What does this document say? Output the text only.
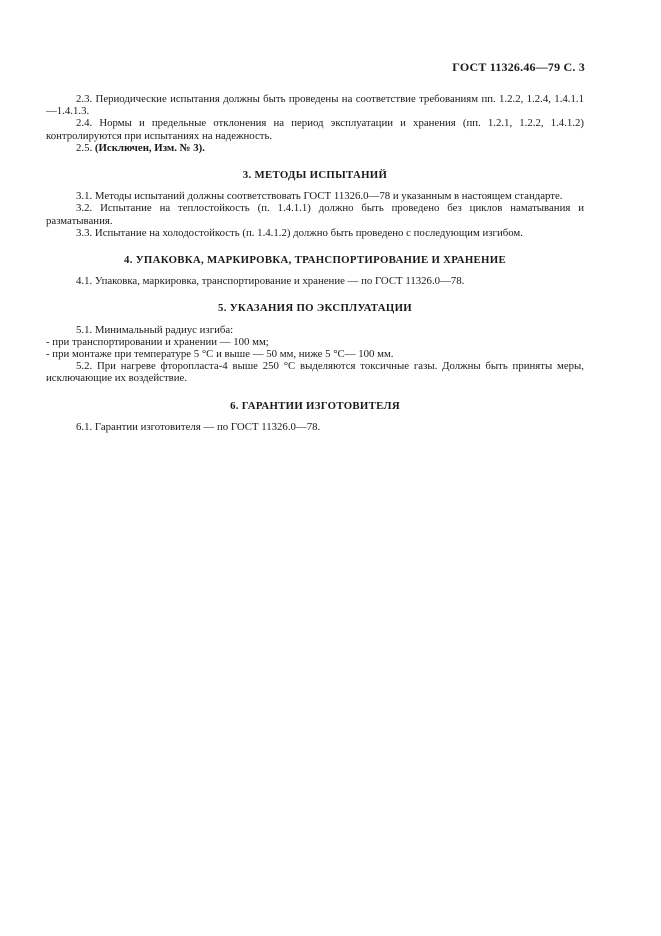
ГОСТ 11326.46—79 С. 3

2.3. Периодические испытания должны быть проведены на соответствие требованиям пп. 1.2.2, 1.2.4, 1.4.1.1—1.4.1.3.

2.4. Нормы и предельные отклонения на период эксплуатации и хранения (пп. 1.2.1, 1.2.2, 1.4.1.2) контролируются при испытаниях на надежность.

2.5. (Исключен, Изм. № 3).

3. МЕТОДЫ ИСПЫТАНИЙ

3.1. Методы испытаний должны соответствовать ГОСТ 11326.0—78 и указанным в настоящем стандарте.

3.2. Испытание на теплостойкость (п. 1.4.1.1) должно быть проведено без циклов наматывания и разматывания.

3.3. Испытание на холодостойкость (п. 1.4.1.2) должно быть проведено с последующим изгибом.

4. УПАКОВКА, МАРКИРОВКА, ТРАНСПОРТИРОВАНИЕ И ХРАНЕНИЕ

4.1. Упаковка, маркировка, транспортирование и хранение — по ГОСТ 11326.0—78.

5. УКАЗАНИЯ ПО ЭКСПЛУАТАЦИИ

5.1. Минимальный радиус изгиба:

- при транспортировании и хранении — 100 мм;

- при монтаже при температуре 5 °С и выше — 50 мм, ниже 5 °С— 100 мм.

5.2. При нагреве фторопласта-4 выше 250 °С выделяются токсичные газы. Должны быть приняты меры, исключающие их воздействие.

6. ГАРАНТИИ ИЗГОТОВИТЕЛЯ

6.1. Гарантии изготовителя — по ГОСТ 11326.0—78.
